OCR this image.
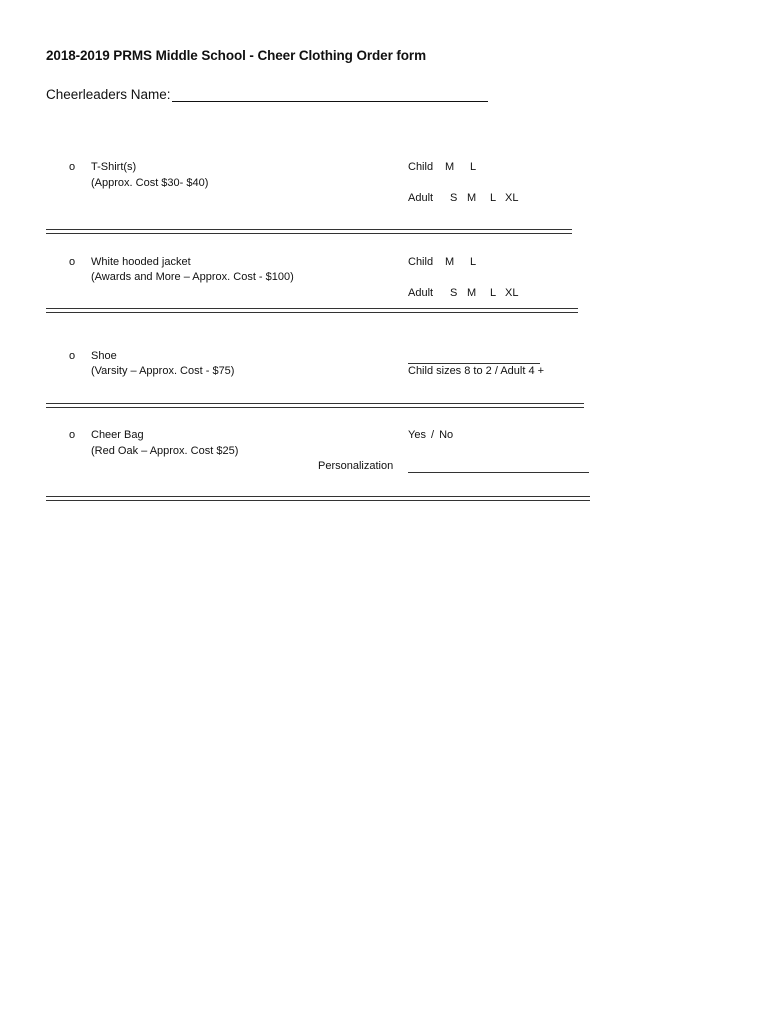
2018-2019 PRMS Middle School - Cheer Clothing Order form
Cheerleaders Name:
o T-Shirt(s)
(Approx. Cost $30- $40)
Child M L
Adult S M L XL
o White hooded jacket
(Awards and More – Approx. Cost - $100)
Child M L
Adult S M L XL
o Shoe
(Varsity – Approx. Cost - $75)	Child sizes 8 to 2 / Adult 4 +
o Cheer Bag
(Red Oak – Approx. Cost $25)
Yes / No
Personalization
